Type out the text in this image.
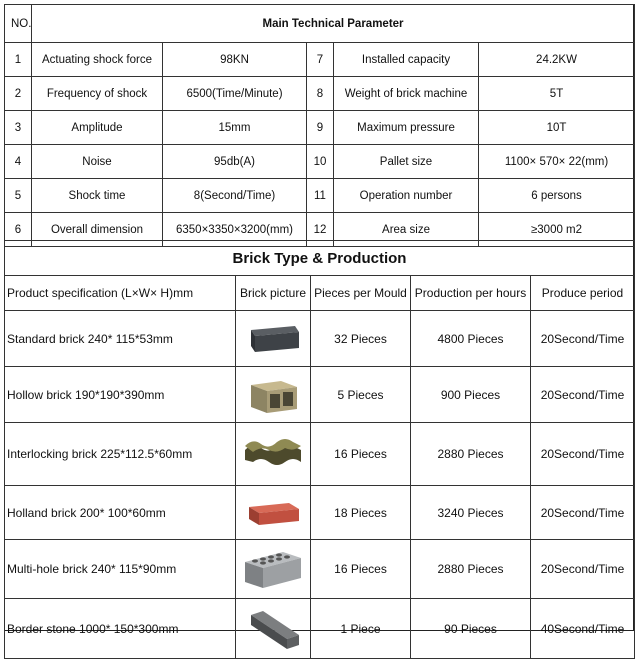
NO.	Main Technical Parameter				
1	Actuating shock force	98KN	7	Installed capacity	24.2KW
2	Frequency of shock	6500(Time/Minute)	8	Weight of brick machine	5T
3	Amplitude	15mm	9	Maximum pressure	10T
4	Noise	95db(A)	10	Pallet size	1100× 570× 22(mm)
5	Shock time	8(Second/Time)	11	Operation number	6 persons
6	Overall dimension	6350×3350×3200(mm)	12	Area size	≥3000 m2
Brick Type & Production				
Product specification (L×W× H)mm	Brick picture	Pieces per Mould	Production per hours	Produce period
Standard brick 240* 115*53mm		32 Pieces	4800 Pieces	20Second/Time
Hollow brick 190*190*390mm		5 Pieces	900 Pieces	20Second/Time
Interlocking brick 225*112.5*60mm		16 Pieces	2880 Pieces	20Second/Time
Holland brick 200* 100*60mm		18 Pieces	3240 Pieces	20Second/Time
Multi-hole brick 240* 115*90mm		16 Pieces	2880 Pieces	20Second/Time
Border stone 1000* 150*300mm		1 Piece	90 Pieces	40Second/Time
